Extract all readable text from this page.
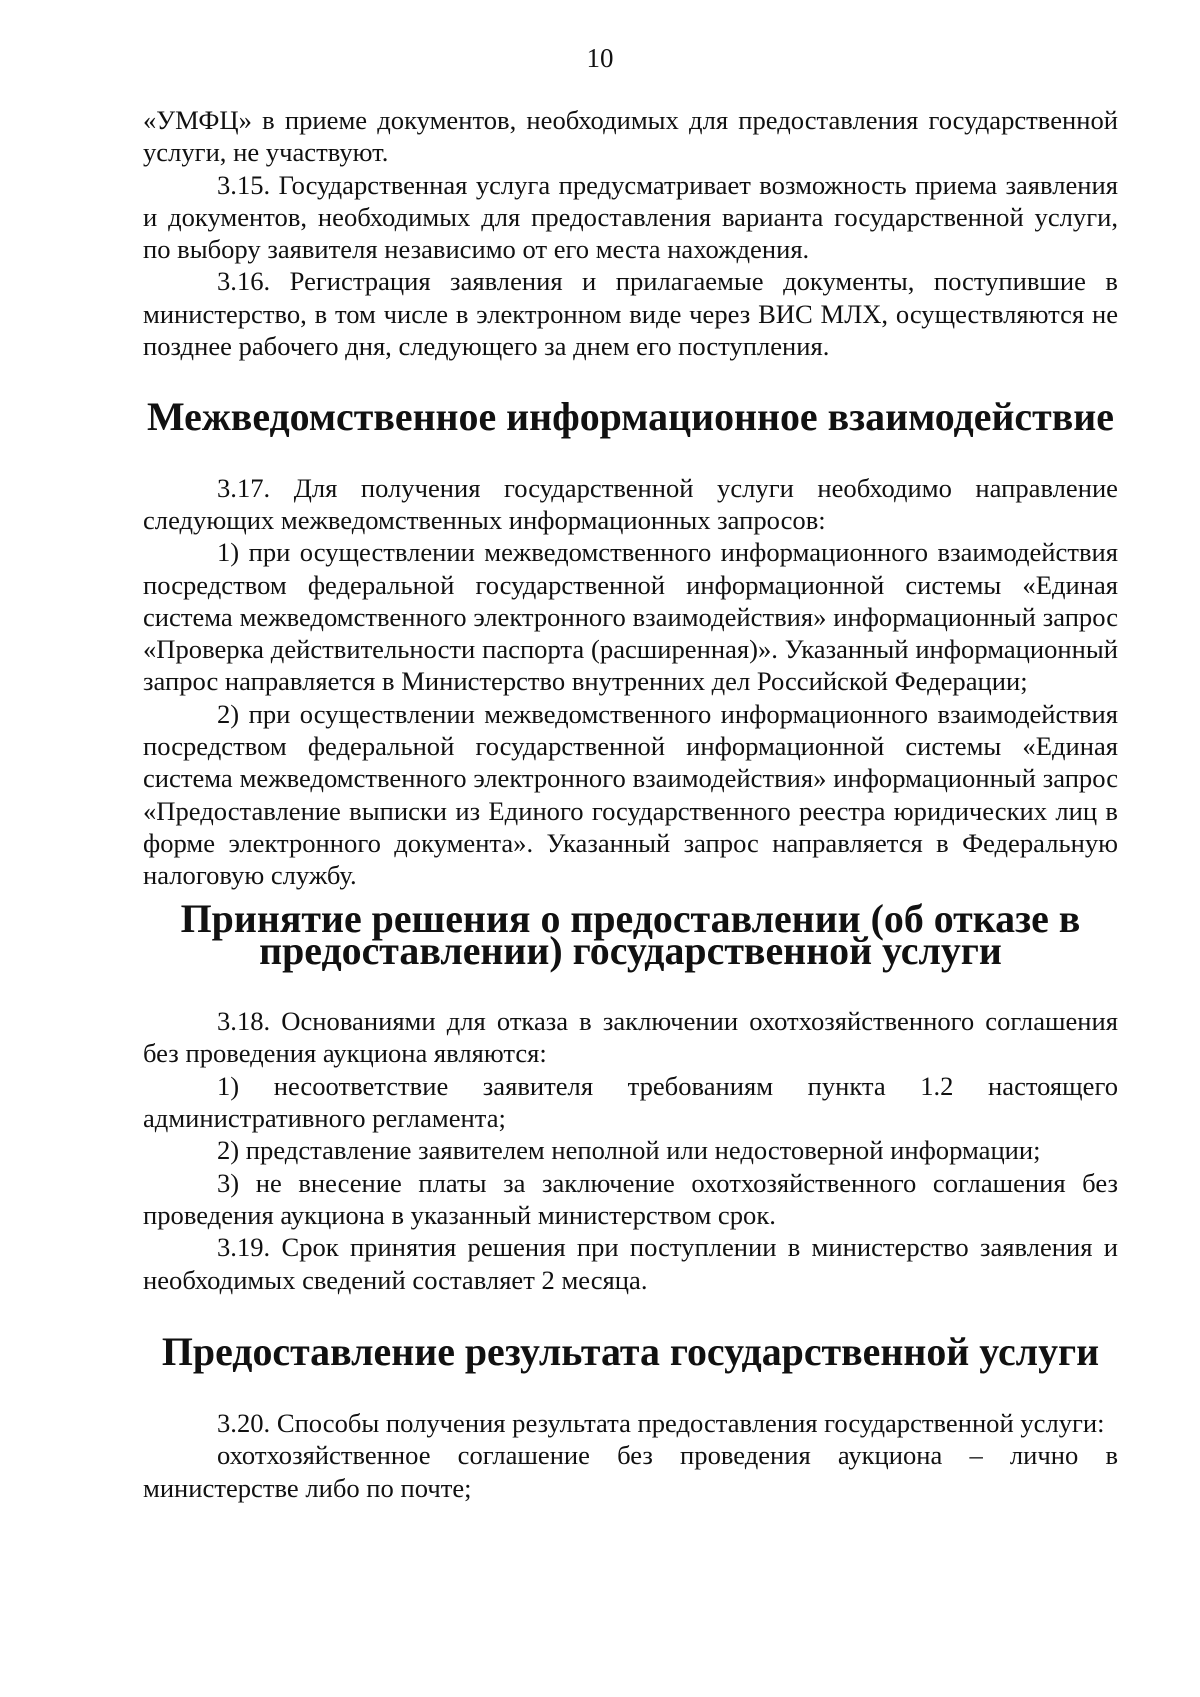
10

«УМФЦ» в приеме документов, необходимых для предоставления государственной услуги, не участвуют.

3.15. Государственная услуга предусматривает возможность приема заявления и документов, необходимых для предоставления варианта государственной услуги, по выбору заявителя независимо от его места нахождения.

3.16. Регистрация заявления и прилагаемые документы, поступившие в министерство, в том числе в электронном виде через ВИС МЛХ, осуществляются не позднее рабочего дня, следующего за днем его поступления.

Межведомственное информационное взаимодействие

3.17. Для получения государственной услуги необходимо направление следующих межведомственных информационных запросов:

1) при осуществлении межведомственного информационного взаимодействия посредством федеральной государственной информационной системы «Единая система межведомственного электронного взаимодействия» информационный запрос «Проверка действительности паспорта (расширенная)». Указанный информационный запрос направляется в Министерство внутренних дел Российской Федерации;

2) при осуществлении межведомственного информационного взаимодействия посредством федеральной государственной информационной системы «Единая система межведомственного электронного взаимодействия» информационный запрос «Предоставление выписки из Единого государственного реестра юридических лиц в форме электронного документа». Указанный запрос направляется в Федеральную налоговую службу.

Принятие решения о предоставлении (об отказе в предоставлении) государственной услуги

3.18. Основаниями для отказа в заключении охотхозяйственного соглашения без проведения аукциона являются:

1) несоответствие заявителя требованиям пункта 1.2 настоящего административного регламента;

2) представление заявителем неполной или недостоверной информации;

3) не внесение платы за заключение охотхозяйственного соглашения без проведения аукциона в указанный министерством срок.

3.19. Срок принятия решения при поступлении в министерство заявления и необходимых сведений составляет 2 месяца.

Предоставление результата государственной услуги

3.20. Способы получения результата предоставления государственной услуги:

охотхозяйственное соглашение без проведения аукциона – лично в министерстве либо по почте;
